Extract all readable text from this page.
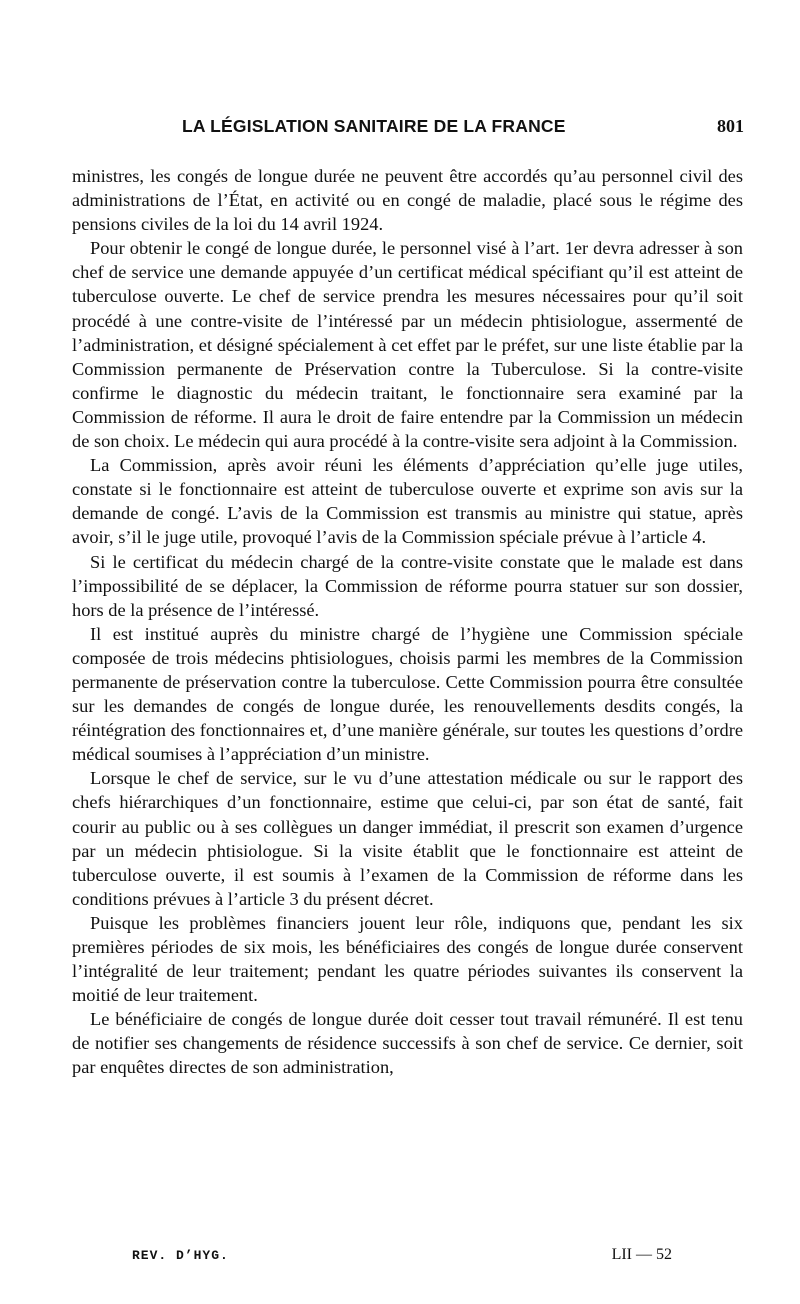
LA LÉGISLATION SANITAIRE DE LA FRANCE	801

ministres, les congés de longue durée ne peuvent être accordés qu’au personnel civil des administrations de l’État, en activité ou en congé de maladie, placé sous le régime des pensions civiles de la loi du 14 avril 1924.

Pour obtenir le congé de longue durée, le personnel visé à l’art. 1er devra adresser à son chef de service une demande appuyée d’un certificat médical spécifiant qu’il est atteint de tuberculose ouverte. Le chef de service prendra les mesures nécessaires pour qu’il soit procédé à une contre-visite de l’intéressé par un médecin phtisiologue, assermenté de l’administration, et désigné spécialement à cet effet par le préfet, sur une liste établie par la Commission permanente de Préservation contre la Tuberculose. Si la contre-visite confirme le diagnostic du médecin traitant, le fonctionnaire sera examiné par la Commission de réforme. Il aura le droit de faire entendre par la Commission un médecin de son choix. Le médecin qui aura procédé à la contre-visite sera adjoint à la Commission.

La Commission, après avoir réuni les éléments d’appréciation qu’elle juge utiles, constate si le fonctionnaire est atteint de tuberculose ouverte et exprime son avis sur la demande de congé. L’avis de la Commission est transmis au ministre qui statue, après avoir, s’il le juge utile, provoqué l’avis de la Commission spéciale prévue à l’article 4.

Si le certificat du médecin chargé de la contre-visite constate que le malade est dans l’impossibilité de se déplacer, la Commission de réforme pourra statuer sur son dossier, hors de la présence de l’intéressé.

Il est institué auprès du ministre chargé de l’hygiène une Commission spéciale composée de trois médecins phtisiologues, choisis parmi les membres de la Commission permanente de préservation contre la tuberculose. Cette Commission pourra être consultée sur les demandes de congés de longue durée, les renouvellements desdits congés, la réintégration des fonctionnaires et, d’une manière générale, sur toutes les questions d’ordre médical soumises à l’appréciation d’un ministre.

Lorsque le chef de service, sur le vu d’une attestation médicale ou sur le rapport des chefs hiérarchiques d’un fonctionnaire, estime que celui-ci, par son état de santé, fait courir au public ou à ses collègues un danger immédiat, il prescrit son examen d’urgence par un médecin phtisiologue. Si la visite établit que le fonctionnaire est atteint de tuberculose ouverte, il est soumis à l’examen de la Commission de réforme dans les conditions prévues à l’article 3 du présent décret.

Puisque les problèmes financiers jouent leur rôle, indiquons que, pendant les six premières périodes de six mois, les bénéficiaires des congés de longue durée conservent l’intégralité de leur traitement; pendant les quatre périodes suivantes ils conservent la moitié de leur traitement.

Le bénéficiaire de congés de longue durée doit cesser tout travail rémunéré. Il est tenu de notifier ses changements de résidence successifs à son chef de service. Ce dernier, soit par enquêtes directes de son administration,

REV. D’HYG.	LII — 52
